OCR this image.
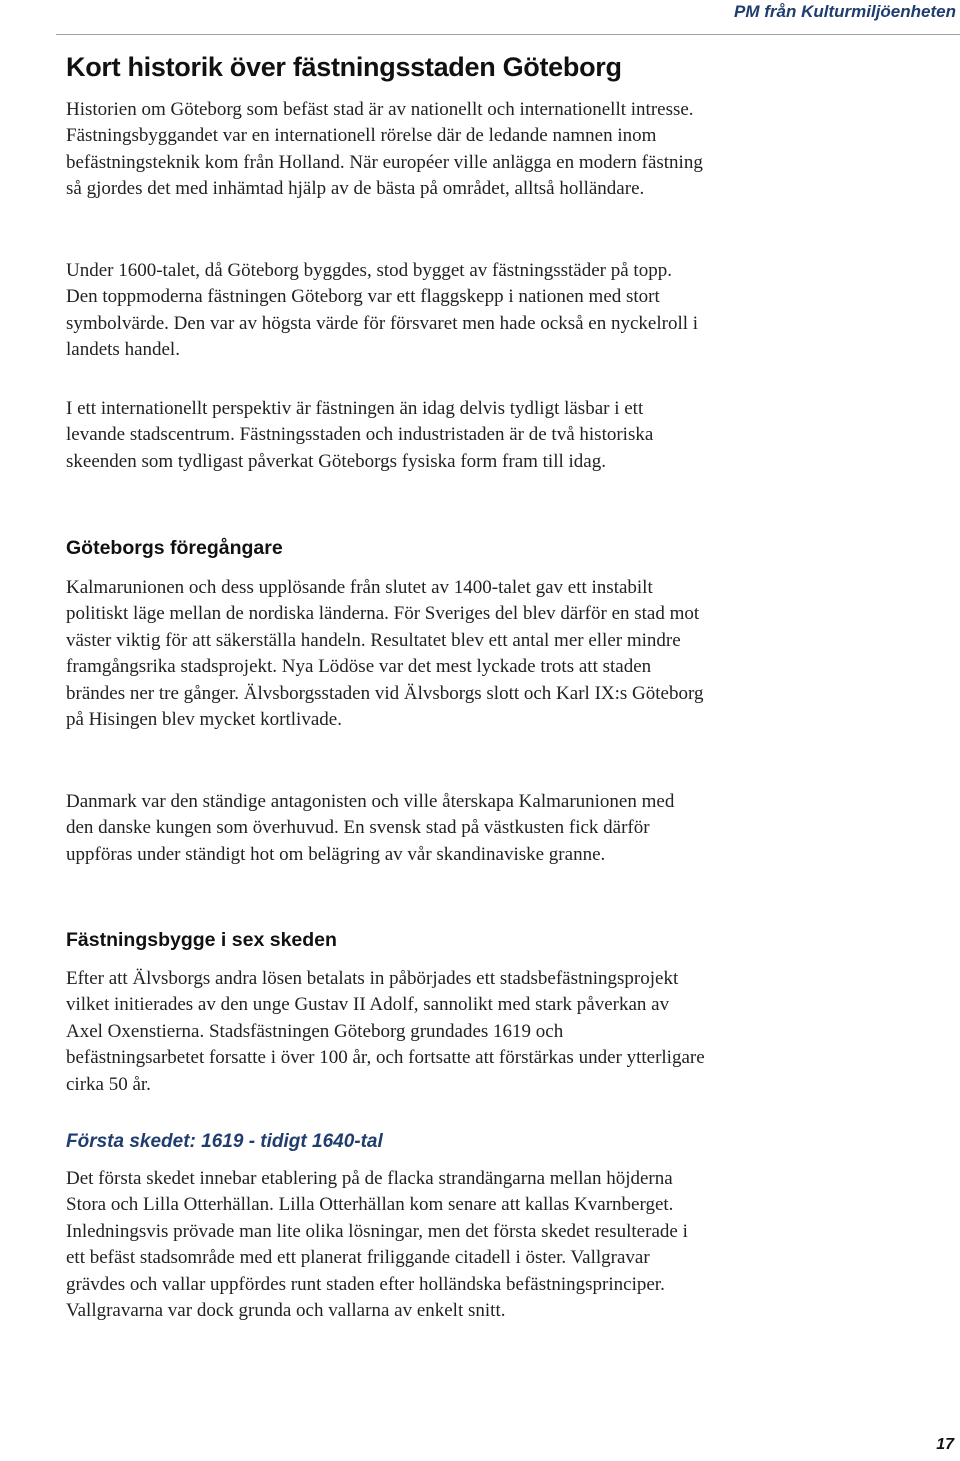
PM från Kulturmiljöenheten
Kort historik över fästningsstaden Göteborg

Historien om Göteborg som befäst stad är av nationellt och internationellt intresse. Fästningsbyggandet var en internationell rörelse där de ledande namnen inom befästningsteknik kom från Holland. När européer ville anlägga en modern fästning så gjordes det med inhämtad hjälp av de bästa på området, alltså holländare.

Under 1600-talet, då Göteborg byggdes, stod bygget av fästningsstäder på topp. Den toppmoderna fästningen Göteborg var ett flaggskepp i nationen med stort symbolvärde. Den var av högsta värde för försvaret men hade också en nyckelroll i landets handel.

I ett internationellt perspektiv är fästningen än idag delvis tydligt läsbar i ett levande stadscentrum. Fästningsstaden och industristaden är de två historiska skeenden som tydligast påverkat Göteborgs fysiska form fram till idag.

Göteborgs föregångare

Kalmarunionen och dess upplösande från slutet av 1400-talet gav ett instabilt politiskt läge mellan de nordiska länderna. För Sveriges del blev därför en stad mot väster viktig för att säkerställa handeln. Resultatet blev ett antal mer eller mindre framgångsrika stadsprojekt. Nya Lödöse var det mest lyckade trots att staden brändes ner tre gånger. Älvsborgsstaden vid Älvsborgs slott och Karl IX:s Göteborg på Hisingen blev mycket kortlivade.

Danmark var den ständige antagonisten och ville återskapa Kalmarunionen med den danske kungen som överhuvud. En svensk stad på västkusten fick därför uppföras under ständigt hot om belägring av vår skandinaviske granne.

Fästningsbygge i sex skeden

Efter att Älvsborgs andra lösen betalats in påbörjades ett stadsbefästningsprojekt vilket initierades av den unge Gustav II Adolf, sannolikt med stark påverkan av Axel Oxenstierna. Stadsfästningen Göteborg grundades 1619 och befästningsarbetet forsatte i över 100 år, och fortsatte att förstärkas under ytterligare cirka 50 år.

Första skedet: 1619 - tidigt 1640-tal

Det första skedet innebar etablering på de flacka strandängarna mellan höjderna Stora och Lilla Otterhällan. Lilla Otterhällan kom senare att kallas Kvarnberget. Inledningsvis prövade man lite olika lösningar, men det första skedet resulterade i ett befäst stadsområde med ett planerat friliggande citadell i öster. Vallgravar grävdes och vallar uppfördes runt staden efter holländska befästningsprinciper. Vallgravarna var dock grunda och vallarna av enkelt snitt.

17
